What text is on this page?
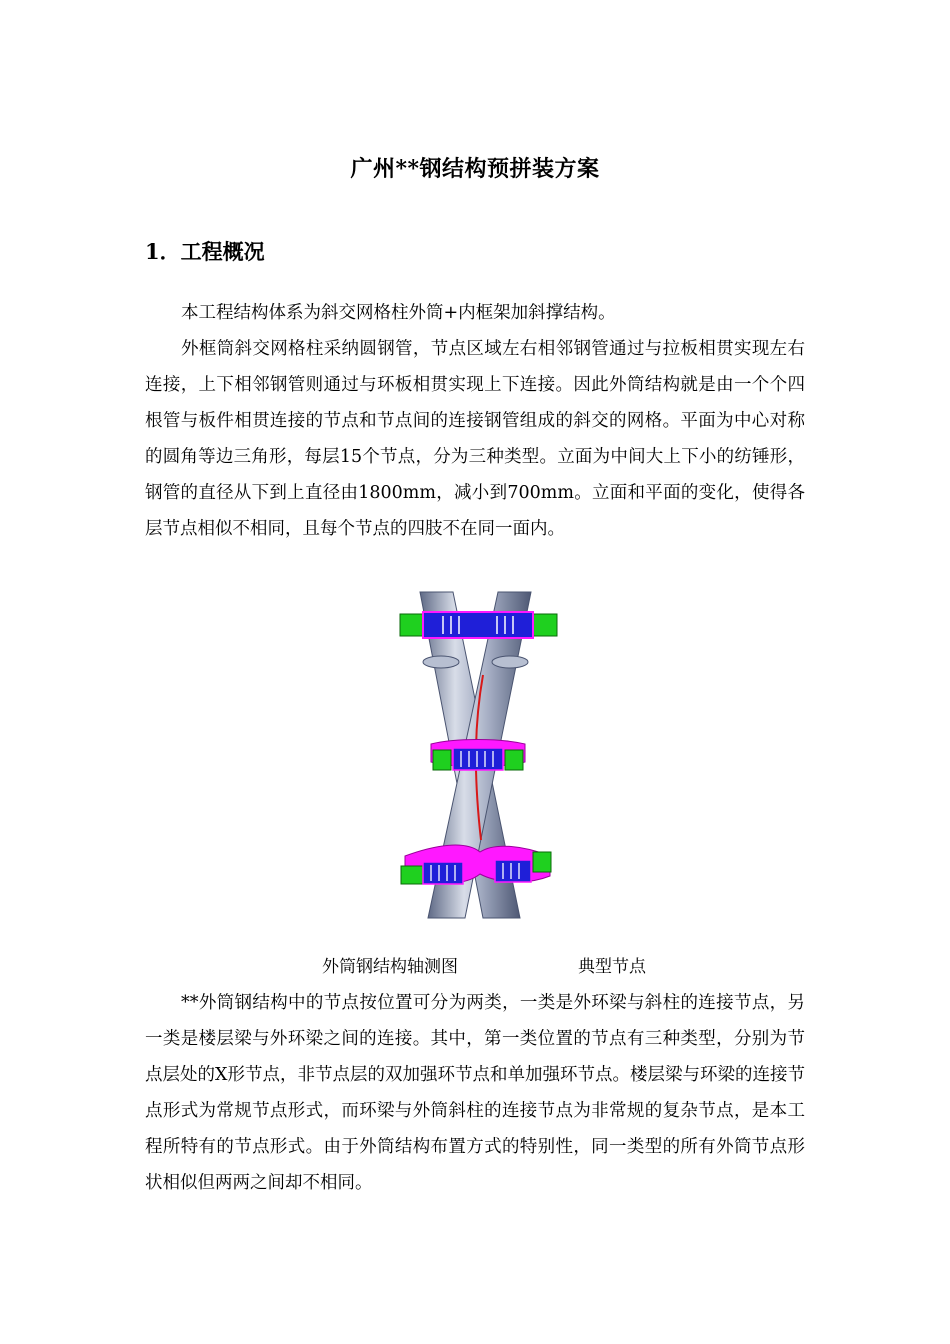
广州**钢结构预拼装方案
1．工程概况

本工程结构体系为斜交网格柱外筒+内框架加斜撑结构。

外框筒斜交网格柱采纳圆钢管，节点区域左右相邻钢管通过与拉板相贯实现左右连接，上下相邻钢管则通过与环板相贯实现上下连接。因此外筒结构就是由一个个四根管与板件相贯连接的节点和节点间的连接钢管组成的斜交的网格。平面为中心对称的圆角等边三角形，每层15个节点，分为三种类型。立面为中间大上下小的纺锤形，钢管的直径从下到上直径由1800mm，减小到700mm。立面和平面的变化，使得各层节点相似不相同，且每个节点的四肢不在同一面内。

外筒钢结构轴测图	典型节点

**外筒钢结构中的节点按位置可分为两类，一类是外环梁与斜柱的连接节点，另一类是楼层梁与外环梁之间的连接。其中，第一类位置的节点有三种类型，分别为节点层处的X形节点，非节点层的双加强环节点和单加强环节点。楼层梁与环梁的连接节点形式为常规节点形式，而环梁与外筒斜柱的连接节点为非常规的复杂节点，是本工程所特有的节点形式。由于外筒结构布置方式的特别性，同一类型的所有外筒节点形状相似但两两之间却不相同。
